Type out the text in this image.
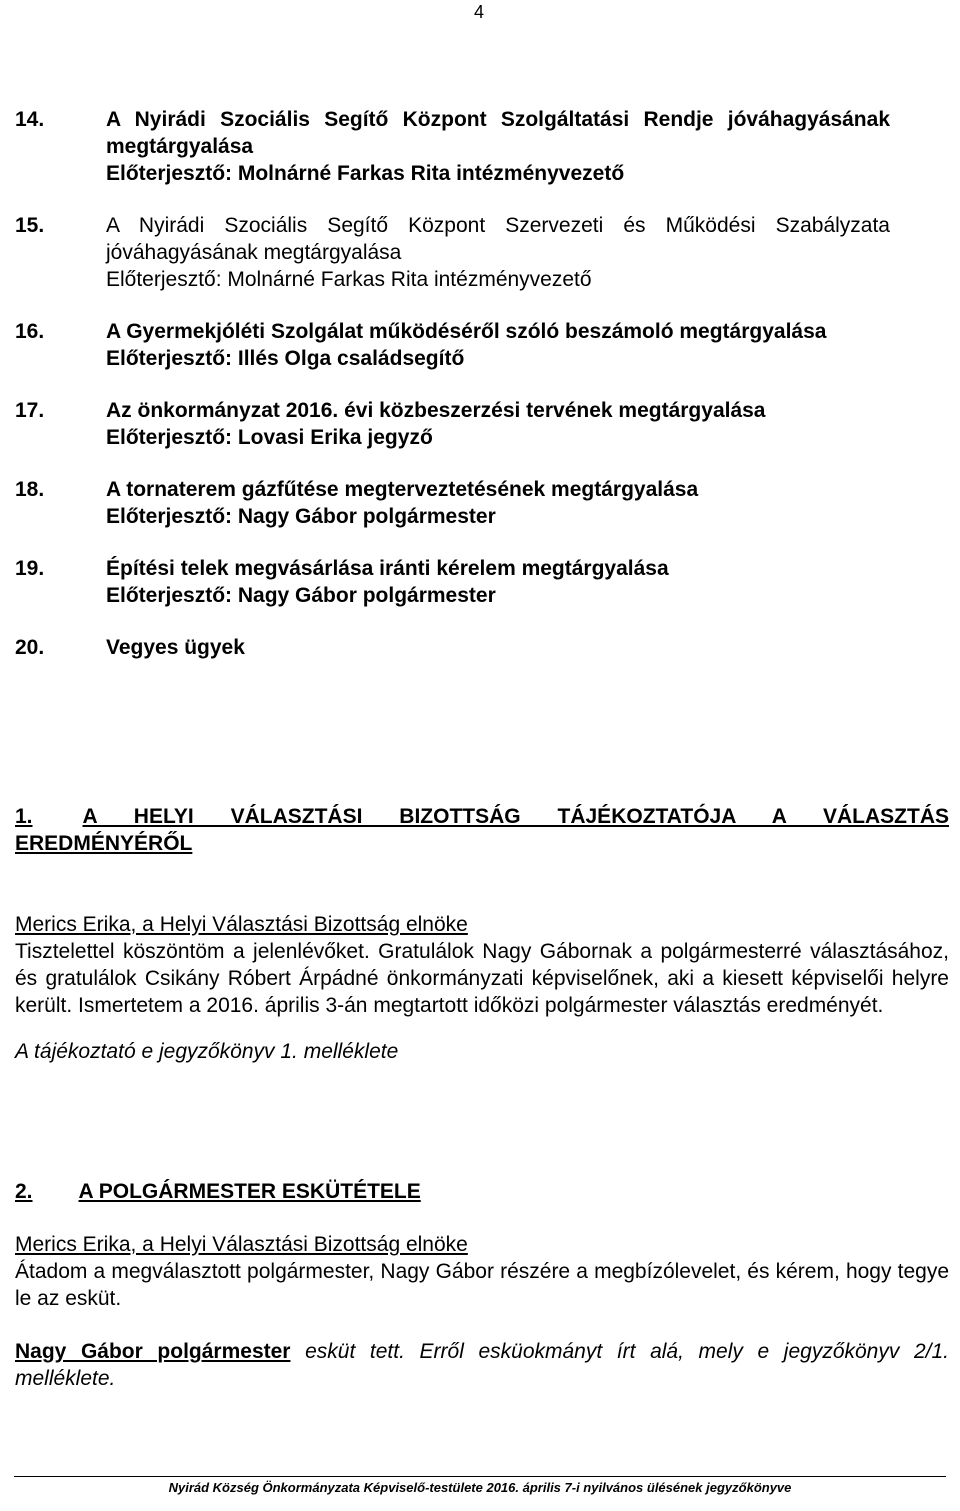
4
14.	A Nyirádi Szociális Segítő Központ Szolgáltatási Rendje jóváhagyásának megtárgyalása
Előterjesztő: Molnárné Farkas Rita intézményvezető
15.	A Nyirádi Szociális Segítő Központ Szervezeti és Működési Szabályzata jóváhagyásának megtárgyalása
Előterjesztő: Molnárné Farkas Rita intézményvezető
16.	A Gyermekjóléti Szolgálat működéséről szóló beszámoló megtárgyalása
Előterjesztő: Illés Olga családsegítő
17.	Az önkormányzat 2016. évi közbeszerzési tervének megtárgyalása
Előterjesztő: Lovasi Erika jegyző
18.	A tornaterem gázfűtése megterveztetésének megtárgyalása
Előterjesztő: Nagy Gábor polgármester
19.	Építési telek megvásárlása iránti kérelem megtárgyalása
Előterjesztő: Nagy Gábor polgármester
20.	Vegyes ügyek
1. A HELYI VÁLASZTÁSI BIZOTTSÁG TÁJÉKOZTATÓJA A VÁLASZTÁS
EREDMÉNYÉRŐL
Merics Erika, a Helyi Választási Bizottság elnöke

Tisztelettel köszöntöm a jelenlévőket. Gratulálok Nagy Gábornak a polgármesterré választásához, és gratulálok Csikány Róbert Árpádné önkormányzati képviselőnek, aki a kiesett képviselői helyre került. Ismertetem a 2016. április 3-án megtartott időközi polgármester választás eredményét.

A tájékoztató e jegyzőkönyv 1. melléklete
2. A POLGÁRMESTER ESKÜTÉTELE
Merics Erika, a Helyi Választási Bizottság elnöke

Átadom a megválasztott polgármester, Nagy Gábor részére a megbízólevelet, és kérem, hogy tegye le az esküt.

Nagy Gábor polgármester esküt tett. Erről esküokmányt írt alá, mely e jegyzőkönyv 2/1. melléklete.

Nyirád Község Önkormányzata Képviselő-testülete 2016. április 7-i nyilvános ülésének jegyzőkönyve
